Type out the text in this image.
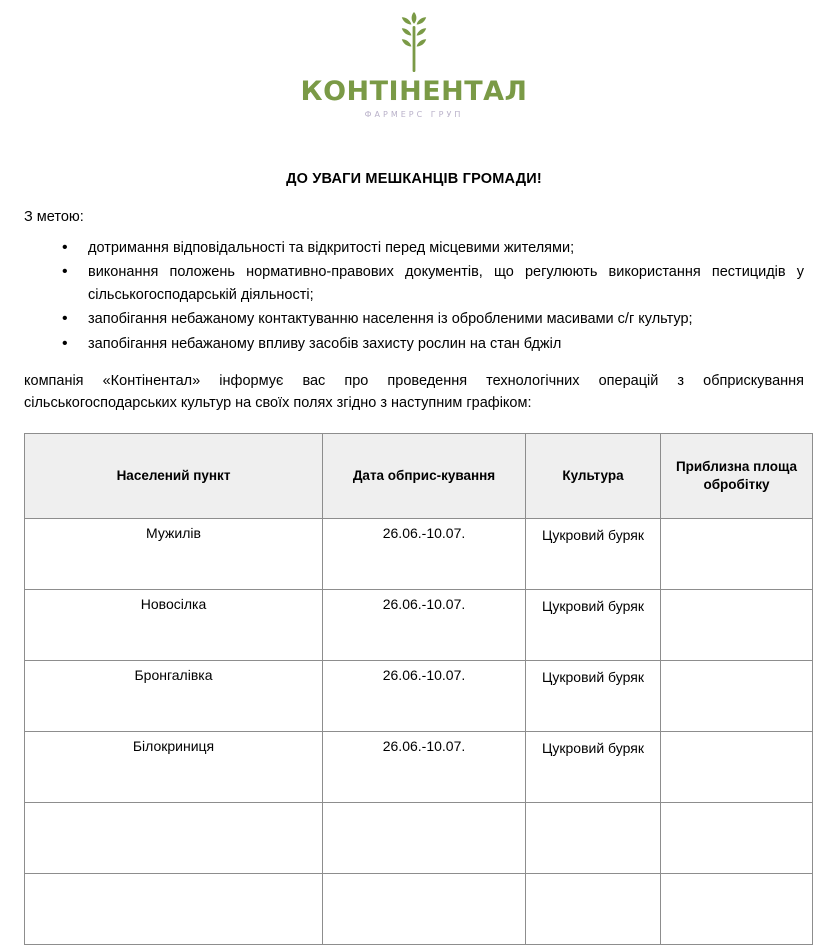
КОНТІНЕНТАЛ
ФАРМЕРС ГРУП
ДО УВАГИ МЕШКАНЦІВ ГРОМАДИ!
З метою:
• дотримання відповідальності та відкритості перед місцевими жителями;
• виконання положень нормативно-правових документів, що регулюють використання пестицидів у сільськогосподарській діяльності;
• запобігання небажаному контактуванню населення із обробленими масивами с/г культур;
• запобігання небажаному впливу засобів захисту рослин на стан бджіл
компанія «Контінентал» інформує вас про проведення технологічних операцій з обприскування сільськогосподарських культур на своїх полях згідно з наступним графіком:
Населений пункт	Дата обприс-кування	Культура	Приблизна площа обробітку
Мужилів	26.06.-10.07.	Цукровий буряк	
Новосілка	26.06.-10.07.	Цукровий буряк	
Бронгалівка	26.06.-10.07.	Цукровий буряк	
Білокриниця	26.06.-10.07.	Цукровий буряк	
